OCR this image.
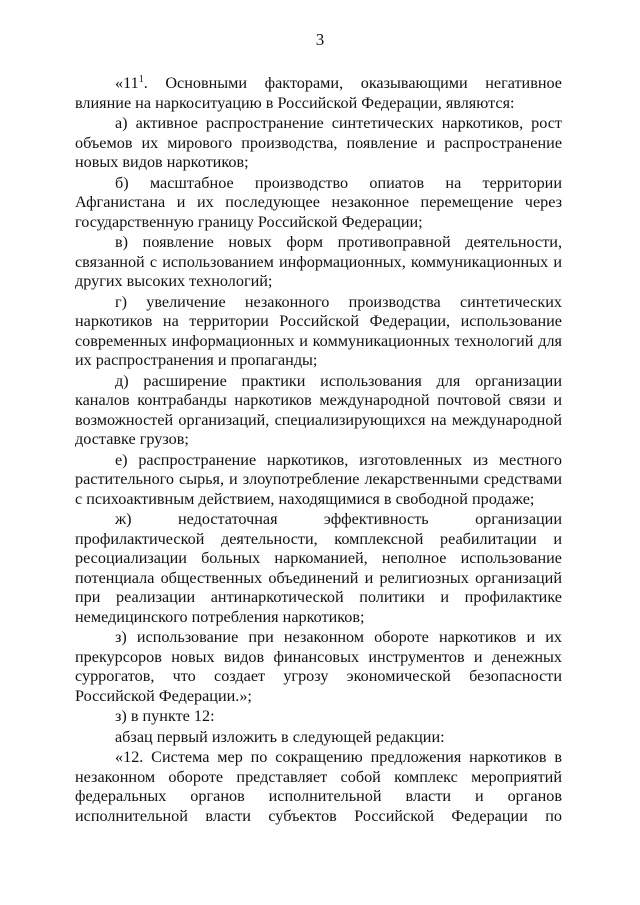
3

«$11^1$. Основными факторами, оказывающими негативное влияние на наркоситуацию в Российской Федерации, являются:

а) активное распространение синтетических наркотиков, рост объемов их мирового производства, появление и распространение новых видов наркотиков;

б) масштабное производство опиатов на территории Афганистана и их последующее незаконное перемещение через государственную границу Российской Федерации;

в) появление новых форм противоправной деятельности, связанной с использованием информационных, коммуникационных и других высоких технологий;

г) увеличение незаконного производства синтетических наркотиков на территории Российской Федерации, использование современных информационных и коммуникационных технологий для их распространения и пропаганды;

д) расширение практики использования для организации каналов контрабанды наркотиков международной почтовой связи и возможностей организаций, специализирующихся на международной доставке грузов;

е) распространение наркотиков, изготовленных из местного растительного сырья, и злоупотребление лекарственными средствами с психоактивным действием, находящимися в свободной продаже;

ж) недостаточная эффективность организации профилактической деятельности, комплексной реабилитации и ресоциализации больных наркоманией, неполное использование потенциала общественных объединений и религиозных организаций при реализации антинаркотической политики и профилактике немедицинского потребления наркотиков;

з) использование при незаконном обороте наркотиков и их прекурсоров новых видов финансовых инструментов и денежных суррогатов, что создает угрозу экономической безопасности Российской Федерации.»;

з) в пункте 12:

абзац первый изложить в следующей редакции:

«12. Система мер по сокращению предложения наркотиков в незаконном обороте представляет собой комплекс мероприятий федеральных органов исполнительной власти и органов исполнительной власти субъектов Российской Федерации по
